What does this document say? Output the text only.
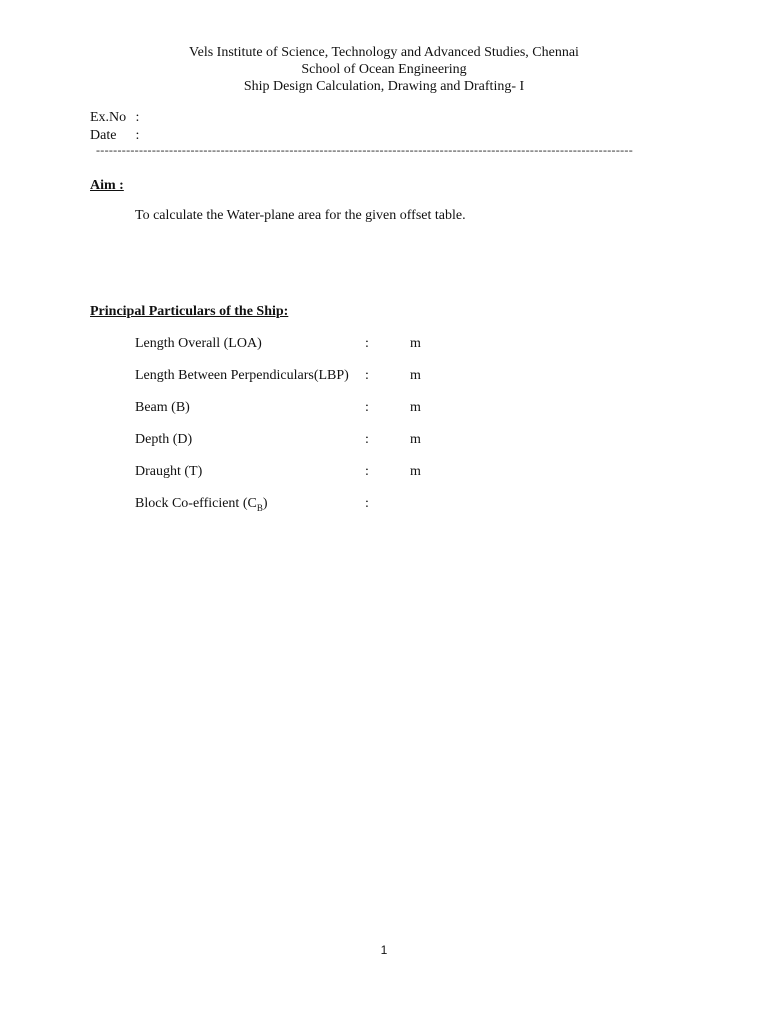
Vels Institute of Science, Technology and Advanced Studies, Chennai
School of Ocean Engineering
Ship Design Calculation, Drawing and Drafting- I
Ex.No :
Date :
-----------------------------------------------------------------------------------------------------------------------------
Aim :
To calculate the Water-plane area for the given offset table.
Principal Particulars of the Ship:
Length Overall (LOA)	:	m
Length Between Perpendiculars(LBP) :	m
Beam (B)	:	m
Depth (D)	:	m
Draught (T)	:	m
Block Co-efficient $(C_B)$	:
1
